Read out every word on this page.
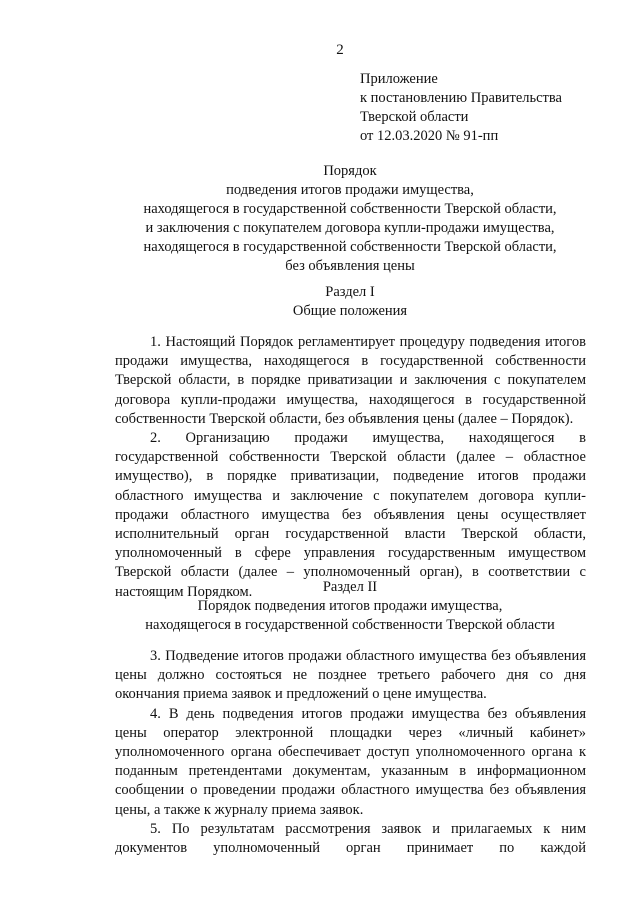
2
Приложение
к постановлению Правительства
Тверской области
от 12.03.2020 № 91-пп
Порядок
подведения итогов продажи имущества,
находящегося в государственной собственности Тверской области,
и заключения с покупателем договора купли-продажи имущества,
находящегося в государственной собственности Тверской области,
без объявления цены
Раздел I
Общие положения

1. Настоящий Порядок регламентирует процедуру подведения итогов продажи имущества, находящегося в государственной собственности Тверской области, в порядке приватизации и заключения с покупателем договора купли-продажи имущества, находящегося в государственной собственности Тверской области, без объявления цены (далее – Порядок).

2. Организацию продажи имущества, находящегося в государственной собственности Тверской области (далее – областное имущество), в порядке приватизации, подведение итогов продажи областного имущества и заключение с покупателем договора купли-продажи областного имущества без объявления цены осуществляет исполнительный орган государственной власти Тверской области, уполномоченный в сфере управления государственным имуществом Тверской области (далее – уполномоченный орган), в соответствии с настоящим Порядком.	Раздел II
Порядок подведения итогов продажи имущества,
находящегося в государственной собственности Тверской области

3. Подведение итогов продажи областного имущества без объявления цены должно состояться не позднее третьего рабочего дня со дня окончания приема заявок и предложений о цене имущества.

4. В день подведения итогов продажи имущества без объявления цены оператор электронной площадки через «личный кабинет» уполномоченного органа обеспечивает доступ уполномоченного органа к поданным претендентами документам, указанным в информационном сообщении о проведении продажи областного имущества без объявления цены, а также к журналу приема заявок.

5. По результатам рассмотрения заявок и прилагаемых к ним документов уполномоченный орган принимает по каждой
